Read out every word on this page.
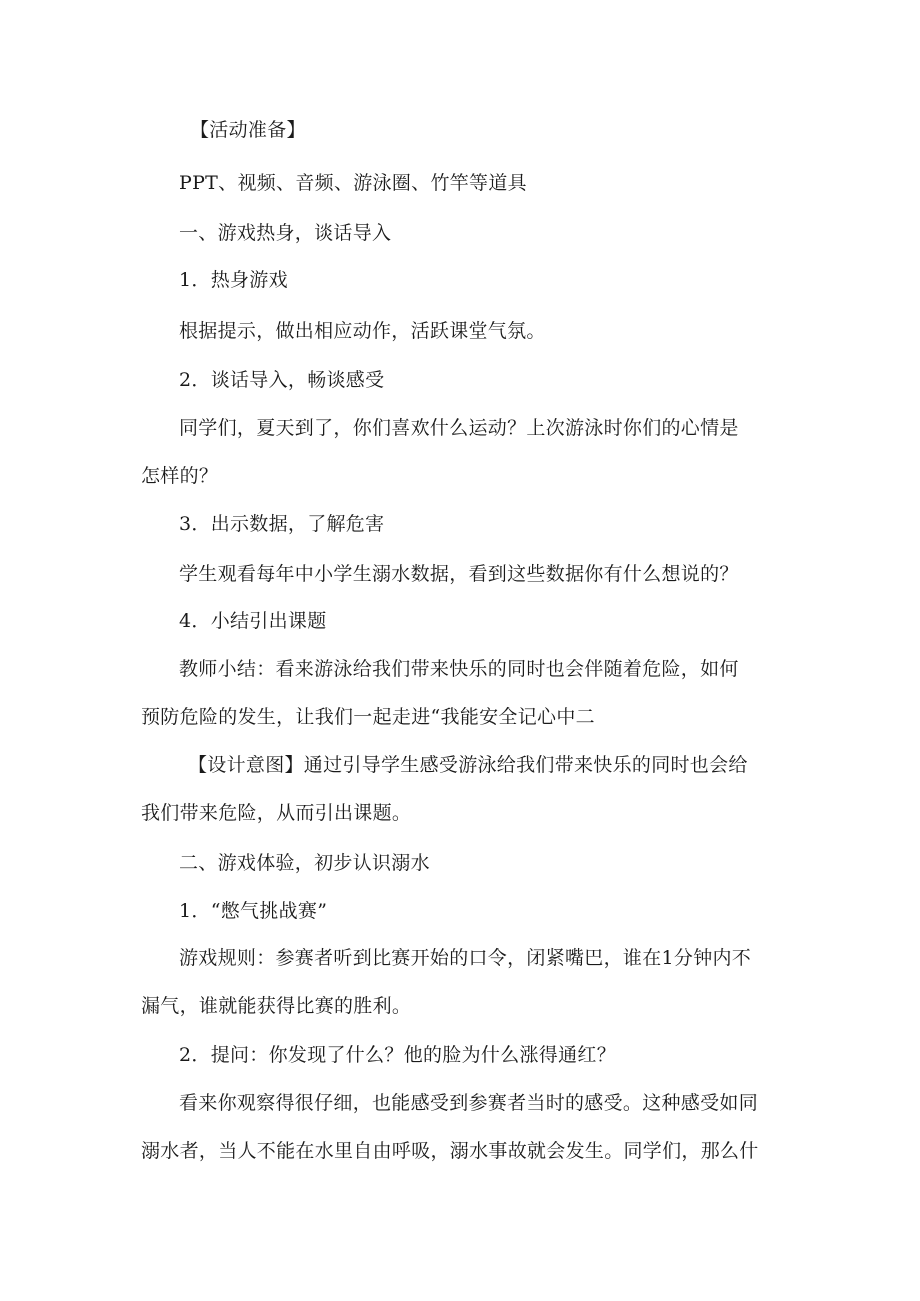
【活动准备】
PPT、视频、音频、游泳圈、竹竿等道具
一、游戏热身，谈话导入
1．热身游戏
根据提示，做出相应动作，活跃课堂气氛。
2．谈话导入，畅谈感受
同学们，夏天到了，你们喜欢什么运动？上次游泳时你们的心情是
怎样的？
3．出示数据，了解危害
学生观看每年中小学生溺水数据，看到这些数据你有什么想说的？
4．小结引出课题
教师小结：看来游泳给我们带来快乐的同时也会伴随着危险，如何
预防危险的发生，让我们一起走进“我能安全记心中二
【设计意图】通过引导学生感受游泳给我们带来快乐的同时也会给
我们带来危险，从而引出课题。
二、游戏体验，初步认识溺水
1．“憋气挑战赛”
游戏规则：参赛者听到比赛开始的口令，闭紧嘴巴，谁在1分钟内不
漏气，谁就能获得比赛的胜利。
2．提问：你发现了什么？他的脸为什么涨得通红？
看来你观察得很仔细，也能感受到参赛者当时的感受。这种感受如同
溺水者，当人不能在水里自由呼吸，溺水事故就会发生。同学们，那么什
